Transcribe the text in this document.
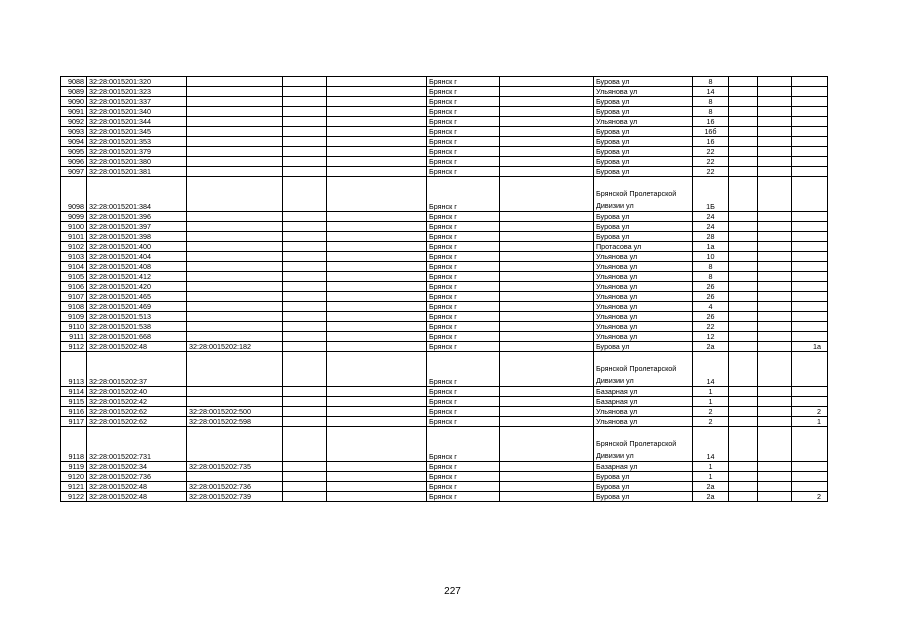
9088	32:28:0015201:320				Брянск г		Бурова ул	8			
9089	32:28:0015201:323				Брянск г		Ульянова ул	14			
9090	32:28:0015201:337				Брянск г		Бурова ул	8			
9091	32:28:0015201:340				Брянск г		Бурова ул	8			
9092	32:28:0015201:344				Брянск г		Ульянова ул	16			
9093	32:28:0015201:345				Брянск г		Бурова ул	16б			
9094	32:28:0015201:353				Брянск г		Бурова ул	16			
9095	32:28:0015201:379				Брянск г		Бурова ул	22			
9096	32:28:0015201:380				Брянск г		Бурова ул	22			
9097	32:28:0015201:381				Брянск г		Бурова ул	22			
9098	32:28:0015201:384				Брянск г		Брянской Пролетарской Дивизии ул	1Б			
9099	32:28:0015201:396				Брянск г		Бурова ул	24			
9100	32:28:0015201:397				Брянск г		Бурова ул	24			
9101	32:28:0015201:398				Брянск г		Бурова ул	28			
9102	32:28:0015201:400				Брянск г		Протасова ул	1а			
9103	32:28:0015201:404				Брянск г		Ульянова ул	10			
9104	32:28:0015201:408				Брянск г		Ульянова ул	8			
9105	32:28:0015201:412				Брянск г		Ульянова ул	8			
9106	32:28:0015201:420				Брянск г		Ульянова ул	26			
9107	32:28:0015201:465				Брянск г		Ульянова ул	26			
9108	32:28:0015201:469				Брянск г		Ульянова ул	4			
9109	32:28:0015201:513				Брянск г		Ульянова ул	26			
9110	32:28:0015201:538				Брянск г		Ульянова ул	22			
9111	32:28:0015201:668				Брянск г		Ульянова ул	12			
9112	32:28:0015202:48	32:28:0015202:182			Брянск г		Бурова ул	2а			1а
9113	32:28:0015202:37				Брянск г		Брянской Пролетарской Дивизии ул	14			
9114	32:28:0015202:40				Брянск г		Базарная ул	1			
9115	32:28:0015202:42				Брянск г		Базарная ул	1			
9116	32:28:0015202:62	32:28:0015202:500			Брянск г		Ульянова ул	2			2
9117	32:28:0015202:62	32:28:0015202:598			Брянск г		Ульянова ул	2			1
9118	32:28:0015202:731				Брянск г		Брянской Пролетарской Дивизии ул	14			
9119	32:28:0015202:34	32:28:0015202:735			Брянск г		Базарная ул	1			
9120	32:28:0015202:736				Брянск г		Бурова ул	1			
9121	32:28:0015202:48	32:28:0015202:736			Брянск г		Бурова ул	2а			
9122	32:28:0015202:48	32:28:0015202:739			Брянск г		Бурова ул	2а			2
227
